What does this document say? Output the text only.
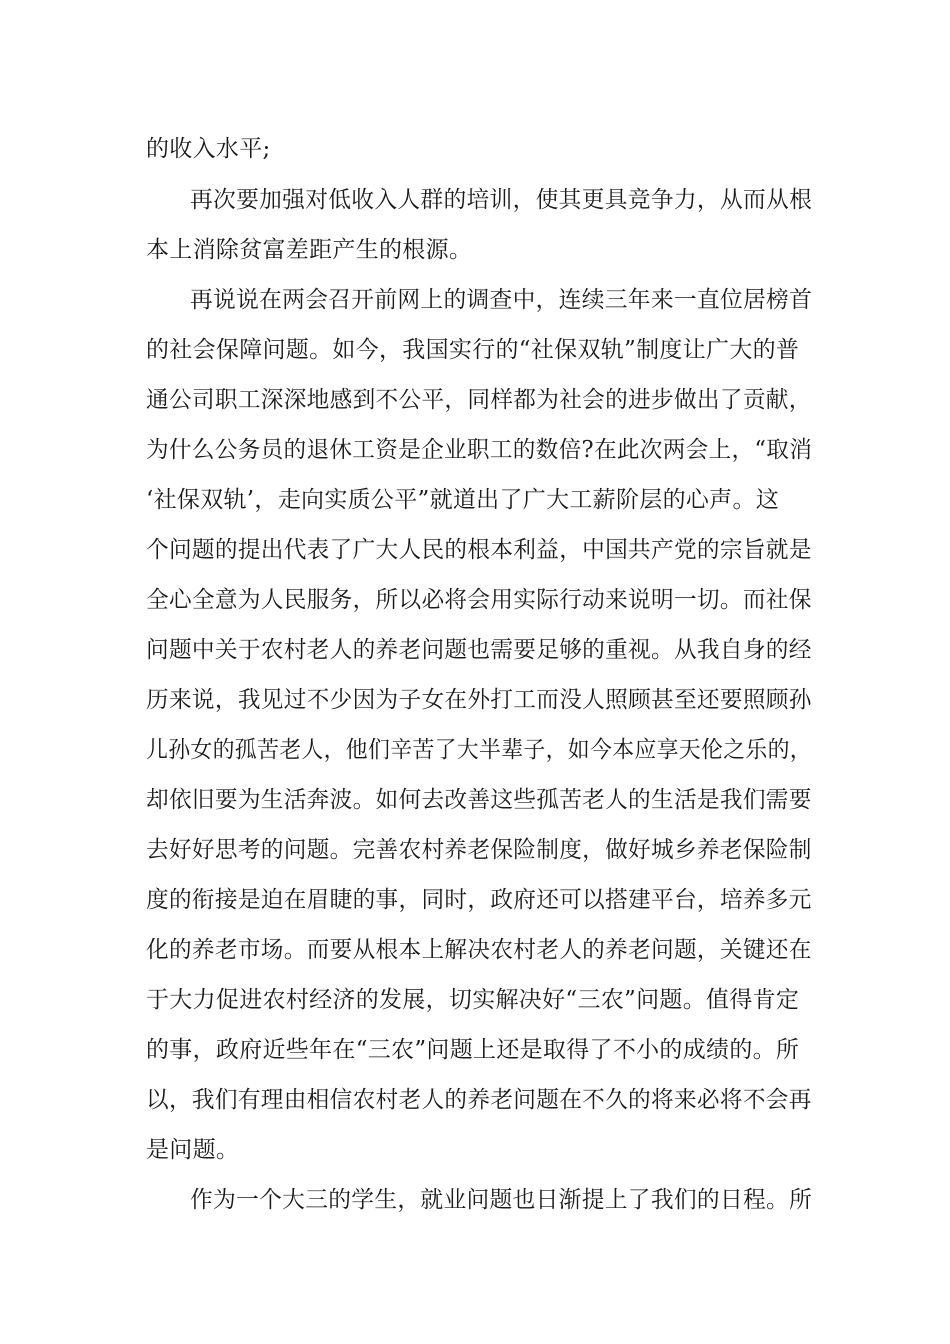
的收入水平;
再次要加强对低收入人群的培训，使其更具竞争力，从而从根
本上消除贫富差距产生的根源。
再说说在两会召开前网上的调查中，连续三年来一直位居榜首
的社会保障问题。如今，我国实行的“社保双轨”制度让广大的普
通公司职工深深地感到不公平，同样都为社会的进步做出了贡献，
为什么公务员的退休工资是企业职工的数倍?在此次两会上，“取消
‘社保双轨’，走向实质公平”就道出了广大工薪阶层的心声。这
个问题的提出代表了广大人民的根本利益，中国共产党的宗旨就是
全心全意为人民服务，所以必将会用实际行动来说明一切。而社保
问题中关于农村老人的养老问题也需要足够的重视。从我自身的经
历来说，我见过不少因为子女在外打工而没人照顾甚至还要照顾孙
儿孙女的孤苦老人，他们辛苦了大半辈子，如今本应享天伦之乐的，
却依旧要为生活奔波。如何去改善这些孤苦老人的生活是我们需要
去好好思考的问题。完善农村养老保险制度，做好城乡养老保险制
度的衔接是迫在眉睫的事，同时，政府还可以搭建平台，培养多元
化的养老市场。而要从根本上解决农村老人的养老问题，关键还在
于大力促进农村经济的发展，切实解决好“三农”问题。值得肯定
的事，政府近些年在“三农”问题上还是取得了不小的成绩的。所
以，我们有理由相信农村老人的养老问题在不久的将来必将不会再
是问题。
作为一个大三的学生，就业问题也日渐提上了我们的日程。所
